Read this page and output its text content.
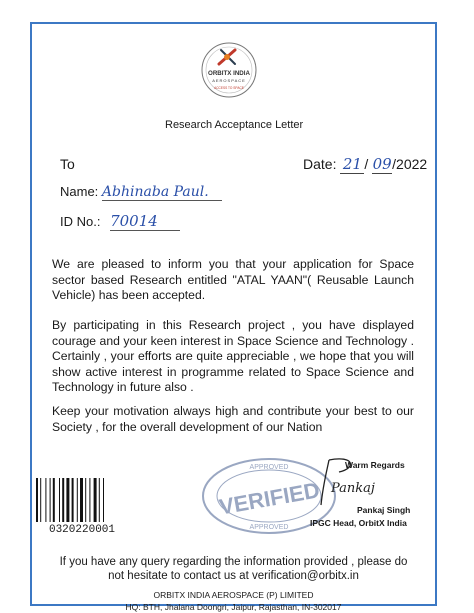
ORBITX INDIA
AEROSPACE
ACCESS TO SPACE
Research Acceptance Letter
To	Date: 21 / 09/2022
Name: Abhinaba Paul.
ID No.: 70014

We are pleased to inform you that your application for Space sector based Research entitled "ATAL YAAN"( Reusable Launch Vehicle) has been accepted.

By participating in this Research project , you have displayed courage and your keen interest in Space Science and Technology . Certainly , your efforts are quite appreciable , we hope that you will show active interest in programme related to Space Science and Technology in future also .

Keep your motivation always high and contribute your best to our Society , for the overall development of our Nation

APPROVED
VERIFIED
APPROVED
Pankaj
Warm Regards
Pankaj Singh
IPGC Head, OrbitX India
0320220001
If you have any query regarding the information provided , please do
not hesitate to contact us at verification@orbitx.in
ORBITX INDIA AEROSPACE (P) LIMITED
HQ: BTH, Jhalana Doongri, Jaipur, Rajasthan, IN-302017
